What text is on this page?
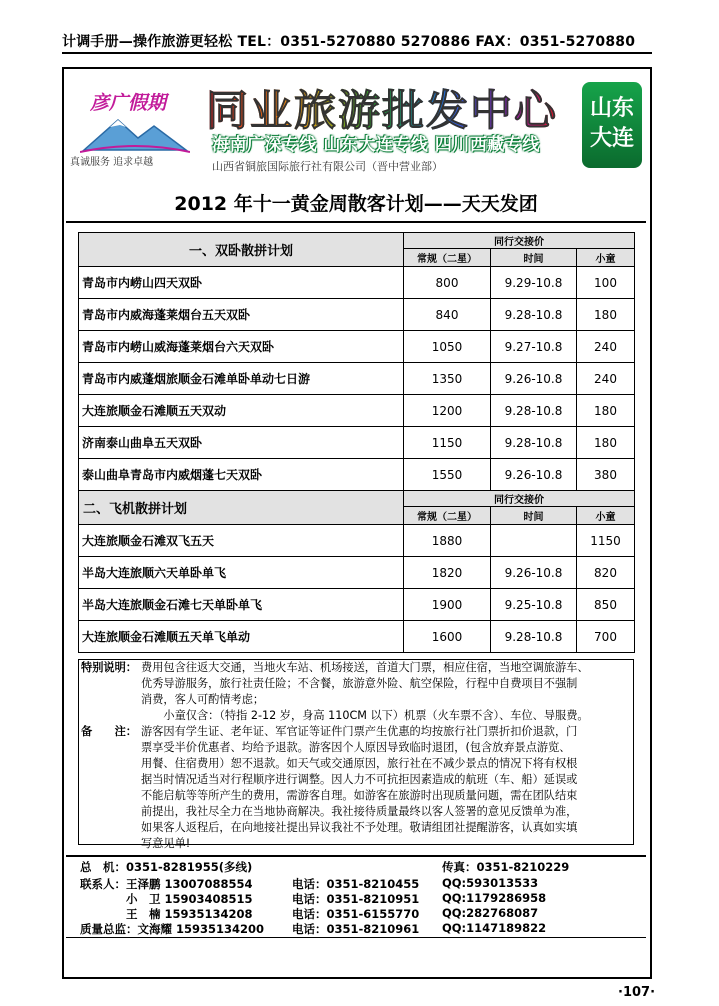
计调手册—操作旅游更轻松 TEL：0351-5270880 5270886 FAX：0351-5270880
彦广假期
真诚服务 追求卓越
同业旅游批发中心
海南广深专线 山东大连专线 四川西藏专线
山西省铜旅国际旅行社有限公司（晋中营业部）
山东
大连
2012 年十一黄金周散客计划——天天发团
一、双卧散拼计划	同行交接价		
	常规（二星）	时间	小童
青岛市内崂山四天双卧	800	9.29-10.8	100
青岛市内威海蓬莱烟台五天双卧	840	9.28-10.8	180
青岛市内崂山威海蓬莱烟台六天双卧	1050	9.27-10.8	240
青岛市内威蓬烟旅顺金石滩单卧单动七日游	1350	9.26-10.8	240
大连旅顺金石滩顺五天双动	1200	9.28-10.8	180
济南泰山曲阜五天双卧	1150	9.28-10.8	180
泰山曲阜青岛市内威烟蓬七天双卧	1550	9.26-10.8	380
二、飞机散拼计划	同行交接价		
	常规（二星）	时间	小童
大连旅顺金石滩双飞五天	1880		1150
半岛大连旅顺六天单卧单飞	1820	9.26-10.8	820
半岛大连旅顺金石滩七天单卧单飞	1900	9.25-10.8	850
大连旅顺金石滩顺五天单飞单动	1600	9.28-10.8	700
特别说明： 费用包含往返大交通，当地火车站、机场接送，首道大门票，相应住宿，当地空调旅游车、
优秀导游服务，旅行社责任险；不含餐，旅游意外险、航空保险，行程中自费项目不强制
消费，客人可酌情考虑；
　　小童仅含：（特指 2-12 岁，身高 110CM 以下）机票（火车票不含）、车位、导服费。
备　　注： 游客因有学生证、老年证、军官证等证件门票产生优惠的均按旅行社门票折扣价退款，门
票享受半价优惠者、均给予退款。游客因个人原因导致临时退团，(包含放弃景点游览、
用餐、住宿费用）恕不退款。如天气或交通原因，旅行社在不减少景点的情况下将有权根
据当时情况适当对行程顺序进行调整。因人力不可抗拒因素造成的航班（车、船）延误或
不能启航等等所产生的费用，需游客自理。如游客在旅游时出现质量问题，需在团队结束
前提出，我社尽全力在当地协商解决。我社接待质量最终以客人签署的意见反馈单为准，
如果客人返程后，在向地接社提出异议我社不予处理。敬请组团社提醒游客，认真如实填
写意见单!
总　机：0351-8281955(多线)	传真：0351-8210229
联系人：王泽鹏 13007088554	电话：0351-8210455 QQ:593013533
　　　　小　卫 15903408515	电话：0351-8210951 QQ:1179286958
　　　　王　楠 15935134208	电话：0351-6155770 QQ:282768087
质量总监：文海耀 15935134200 电话：0351-8210961 QQ:1147189822
·107·
